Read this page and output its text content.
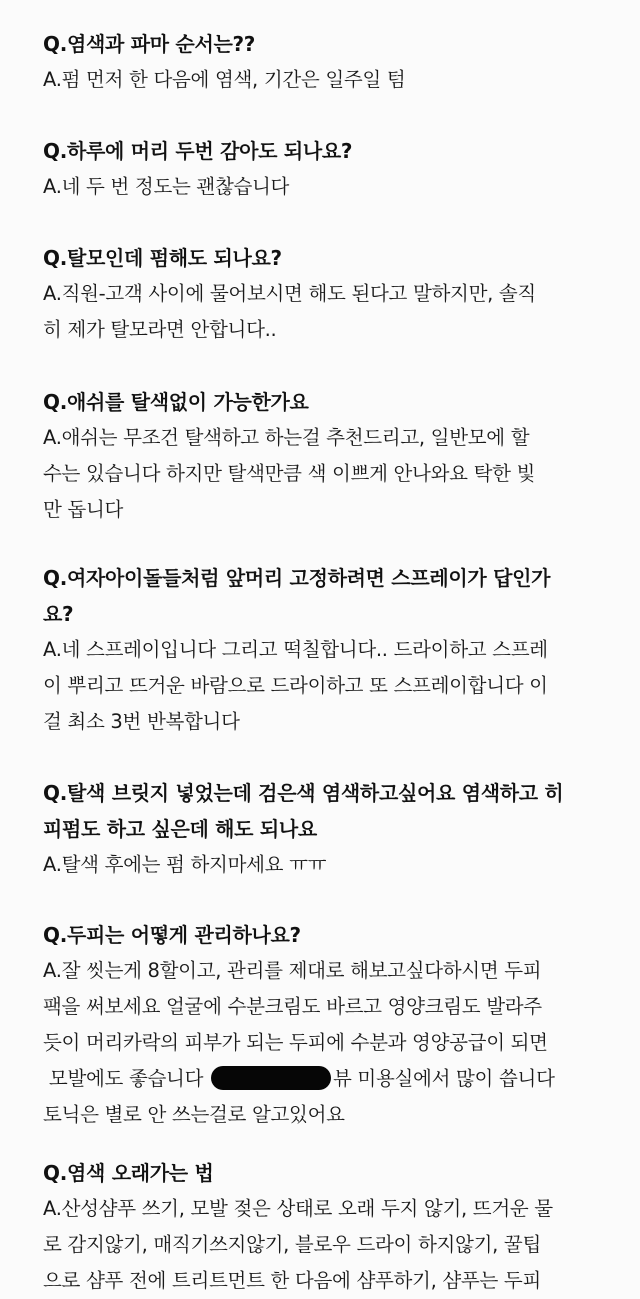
Q.염색과 파마 순서는??

A.펌 먼저 한 다음에 염색, 기간은 일주일 텀

Q.하루에 머리 두번 감아도 되나요?

A.네 두 번 정도는 괜찮습니다

Q.탈모인데 펌해도 되나요?

A.직원-고객 사이에 물어보시면 해도 된다고 말하지만, 솔직

히 제가 탈모라면 안합니다..

Q.애쉬를 탈색없이 가능한가요

A.애쉬는 무조건 탈색하고 하는걸 추천드리고, 일반모에 할

수는 있습니다 하지만 탈색만큼 색 이쁘게 안나와요 탁한 빛

만 돕니다

Q.여자아이돌들처럼 앞머리 고정하려면 스프레이가 답인가
요?

A.네 스프레이입니다 그리고 떡칠합니다.. 드라이하고 스프레

이 뿌리고 뜨거운 바람으로 드라이하고 또 스프레이합니다 이

걸 최소 3번 반복합니다

Q.탈색 브릿지 넣었는데 검은색 염색하고싶어요 염색하고 히
피펌도 하고 싶은데 해도 되나요

A.탈색 후에는 펌 하지마세요 ㅠㅠ

Q.두피는 어떻게 관리하나요?

A.잘 씻는게 8할이고, 관리를 제대로 해보고싶다하시면 두피

팩을 써보세요 얼굴에 수분크림도 바르고 영양크림도 발라주

듯이 머리카락의 피부가 되는 두피에 수분과 영양공급이 되면

모발에도 좋습니다	뷰 미용실에서 많이 씁니다

토닉은 별로 안 쓰는걸로 알고있어요

Q.염색 오래가는 법

A.산성샴푸 쓰기, 모발 젖은 상태로 오래 두지 않기, 뜨거운 물

로 감지않기, 매직기쓰지않기, 블로우 드라이 하지않기, 꿀팁

으로 샴푸 전에 트리트먼트 한 다음에 샴푸하기, 샴푸는 두피
